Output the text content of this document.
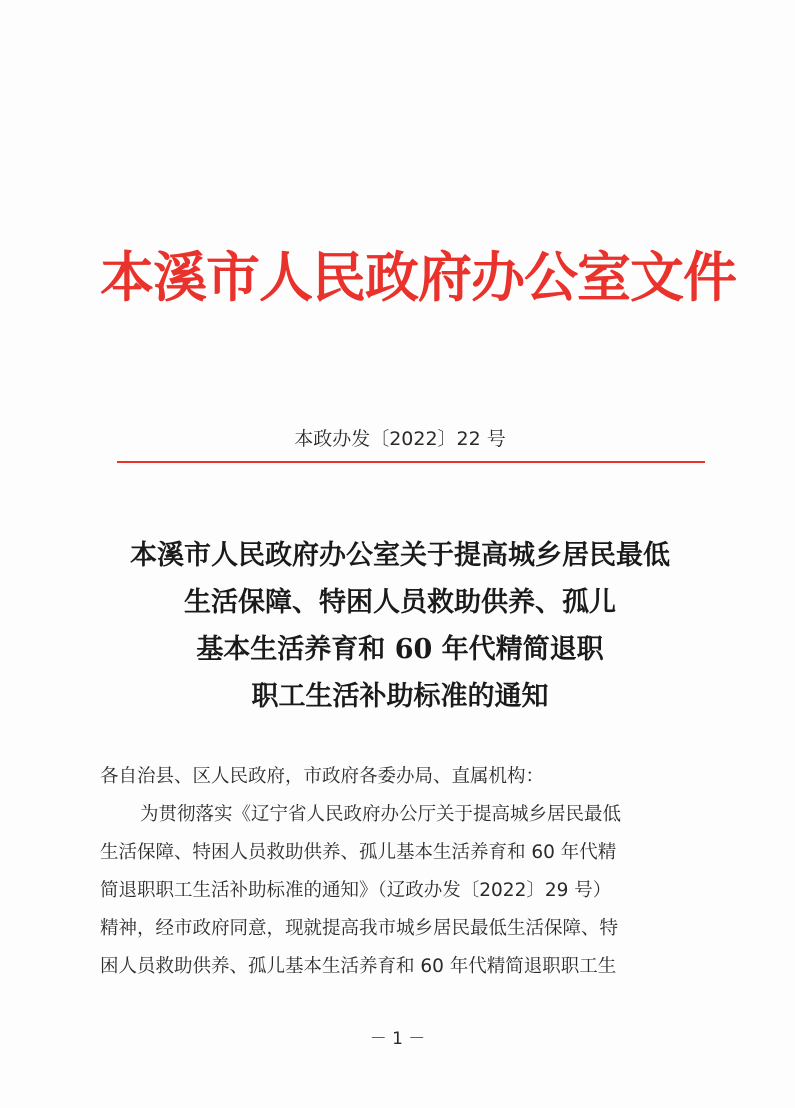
本溪市人民政府办公室文件
本政办发〔2022〕22 号
本溪市人民政府办公室关于提高城乡居民最低
生活保障、特困人员救助供养、孤儿
基本生活养育和 60 年代精简退职
职工生活补助标准的通知
各自治县、区人民政府，市政府各委办局、直属机构：
为贯彻落实《辽宁省人民政府办公厅关于提高城乡居民最低
生活保障、特困人员救助供养、孤儿基本生活养育和 60 年代精
简退职职工生活补助标准的通知》（辽政办发〔2022〕29 号）
精神，经市政府同意，现就提高我市城乡居民最低生活保障、特
困人员救助供养、孤儿基本生活养育和 60 年代精简退职职工生
－ 1 －
